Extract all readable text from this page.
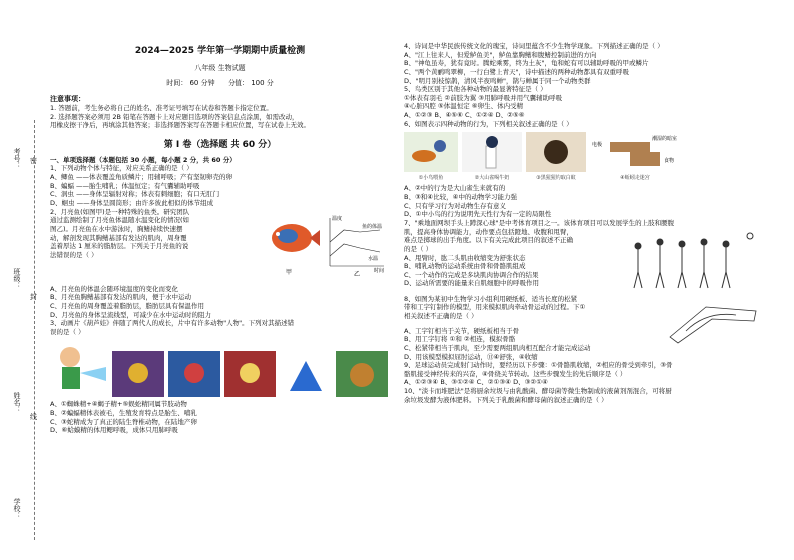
考号：
班级：
姓名：
学校：
密
封
线
2024—2025 学年第一学期期中质量检测
八年级 生物试题
时间： 60 分钟 分值： 100 分
注意事项：

1. 答题前，考生务必将自己的姓名、准考证号填写在试卷和答题卡指定位置。

2. 选择题答案必须用 2B 铅笔在答题卡上对应题目选项的答案信息点涂黑，如需改动，

用橡皮擦干净后，再填涂其他答案；非选择题答案写在答题卡相应位置，写在试卷上无效。

第 I 卷（选择题 共 60 分）

一、单项选择题（本题包括 30 小题，每小题 2 分，共 60 分）

1、下列动物个体与特征，对应关系正确的是（ ）

A、鲫鱼 ——体表覆盖角质鳞片；用辅呼吸；产有坚韧卵壳的卵

B、蝙蝠 ——胎生哺乳；体温恒定；有气囊辅助呼吸

C、涡虫 ——身体呈辐射对称；体表有刺细胞；有口无肛门

D、蛔虫 ——身体呈圆筒形；由许多彼此相似的体节组成

2、月亮鱼(如图甲)是一种特殊的鱼类。研究团队

通过监测绘制了月亮鱼体温随水温变化的情况(如

图乙)。月亮鱼在水中游泳时，胸鳍持续快速摆

动，解剖发现其胸鳍基部有发达的肌肉，周身覆

盖着厚达 1 厘米的脂肪层。下列关于月亮鱼的说

法错误的是（ ）

甲
温度
鱼的体温
水温
时间
乙

A、月亮鱼的体温会随环境温度的变化而变化

B、月亮鱼胸鳍基部有发达的肌肉，便于水中运动

C、月亮鱼的周身覆盖着脂肪层，脂肪层具有保温作用

D、月亮鱼的身体呈流线型，可减少在水中运动时的阻力

3、动画片《葫芦娃》伴随了两代人的成长，片中有许多动物"人物"。下列对其描述错

误的是（ ）

A、①蜘蛛精+④蝎子精+⑤蜈蚣精同属节肢动物

B、②蝙蝠精体表被毛，生殖发育特点是胎生、哺乳

C、③蛇精成为了真正的陆生脊椎动物，在陆地产卵

D、⑥蛤蟆精的体用鳃呼吸，成体只用肺呼吸

4、诗词是中华民族传统文化的瑰宝，诗词里蕴含不少生物学现象。下列描述正确的是（ ）

A、"江上往来人，但爱鲈鱼美"，鲈鱼靠胸鳍和腹鳍控制前进的方向

B、"神龟虽寿，犹有竟时。腾蛇乘雾，终为土灰"，龟和蛇有可以辅助呼吸的甲或鳞片

C、"两个黄鹂鸣翠柳，一行白鹭上青天"，诗中描述的两种动物都具有双重呼吸

D、"明月别枝惊鹊，清风半夜鸣蝉"，鹊与蝉属于同一个动物类群

5、鸟类区别于其他各种动物的最显著特征是（ ）

①体表有羽毛 ②前肢为翼 ③用肺呼吸并用气囊辅助呼吸

④心脏四腔 ⑤体温恒定 ⑥卵生、体内受精

A、①②③ B、④⑤⑥ C、①②④ D、②⑤⑥

6、如图表示四种动物的行为，下列相关叙述正确的是（ ）

①小鸟喂鱼	②大山雀喝牛奶	③黑猩猩钓取白蚁
电极
潮湿的暗室
食物
④蚯蚓走迷宫

A、②中的行为是大山雀生来就有的

B、③和④比较，④中的动物学习能力强

C、只有学习行为对动物生存有意义

D、①中小鸟的行为说明先天性行为有一定的局限性

7、"乘地面网坝手头上蹲深心球"是中考体育项目之一。该体育项目可以发展学生的上肢和腰腹

肌，提高身体协调能力，动作要点包括蹬地、收腹和甩臂，

难点是掷球的出手角度。以下有关完成此项目的叙述不正确

的是（ ）

A、甩臂时，肱二头肌由收缩变为舒张状态

B、哺乳动物的运动系统由骨和骨骼肌组成

C、一个动作的完成是多块肌肉协调合作的结果

D、运动所需要的能量来自肌细胞中的呼吸作用

8、如图为某初中生物学习小组利用硬纸板、适当长度的松紧

带和工字钉制作的模型，用来模拟肌肉牵动骨运动的过程。下①

相关叙述不正确的是（ ）

A、工字钉相当于关节，硬纸板相当于骨

B、用工字钉将 ①和 ②相连，模拟骨骼

C、松紧带相当于肌肉，至少需要两组肌肉相互配合才能完成运动

D、用该模型模拟屈肘运动，⑪④舒张，④收缩

9、足球运动员完成射门动作时，要经历以下步骤：①骨骼肌收缩，②相应的骨受到牵引，③骨

骼肌接受神经传来的兴奋，④骨绕关节转动。这些步骤发生的先后顺序是（ ）

A、①②③④ B、③①②④ C、②①③④ D、③②①④

10、"淡卡而堆肥法"是将厨余垃圾与由乳酸菌、酵母菌等微生物制成的液菌剂剂混合，可将厨

余垃圾发酵为液体肥料。下列关于乳酸菌和酵母菌的叙述正确的是（ ）
